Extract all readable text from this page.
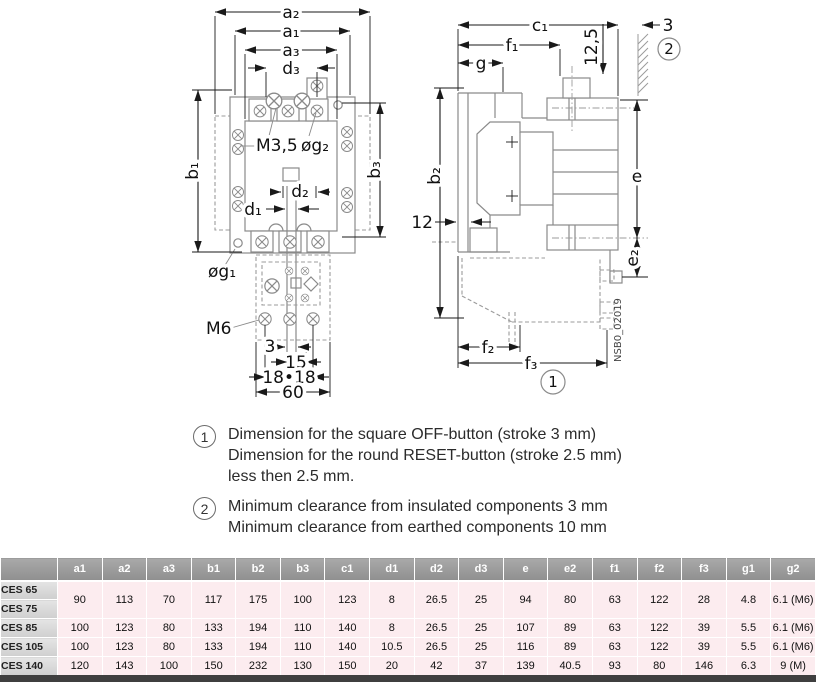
a₂
a₁
a₃
d₃
b₁	b₃
M3,5 øg₂
d₂
d₁
øg₁
M6
3
15
18•18
60
c₁
f₁
g	12,5
3
b₂
12
e
e₂
f₂
f₃
NSB0_02019
2
1
1	Dimension for the square OFF-button (stroke 3 mm)
Dimension for the round RESET-button (stroke 2.5 mm)
less then 2.5 mm.
2	Minimum clearance from insulated components 3 mm
Minimum clearance from earthed components 10 mm
	a1	a2	a3	b1	b2	b3	c1	d1	d2	d3	e	e2	f1	f2	f3	g1	g2
CES 65	90	113	70	117	175	100	123	8	26.5	25	94	80	63	122	28	4.8	6.1 (M6)
CES 75																	
CES 85	100	123	80	133	194	110	140	8	26.5	25	107	89	63	122	39	5.5	6.1 (M6)
CES 105	100	123	80	133	194	110	140	10.5	26.5	25	116	89	63	122	39	5.5	6.1 (M6)
CES 140	120	143	100	150	232	130	150	20	42	37	139	40.5	93	80	146	6.3	9 (M)
